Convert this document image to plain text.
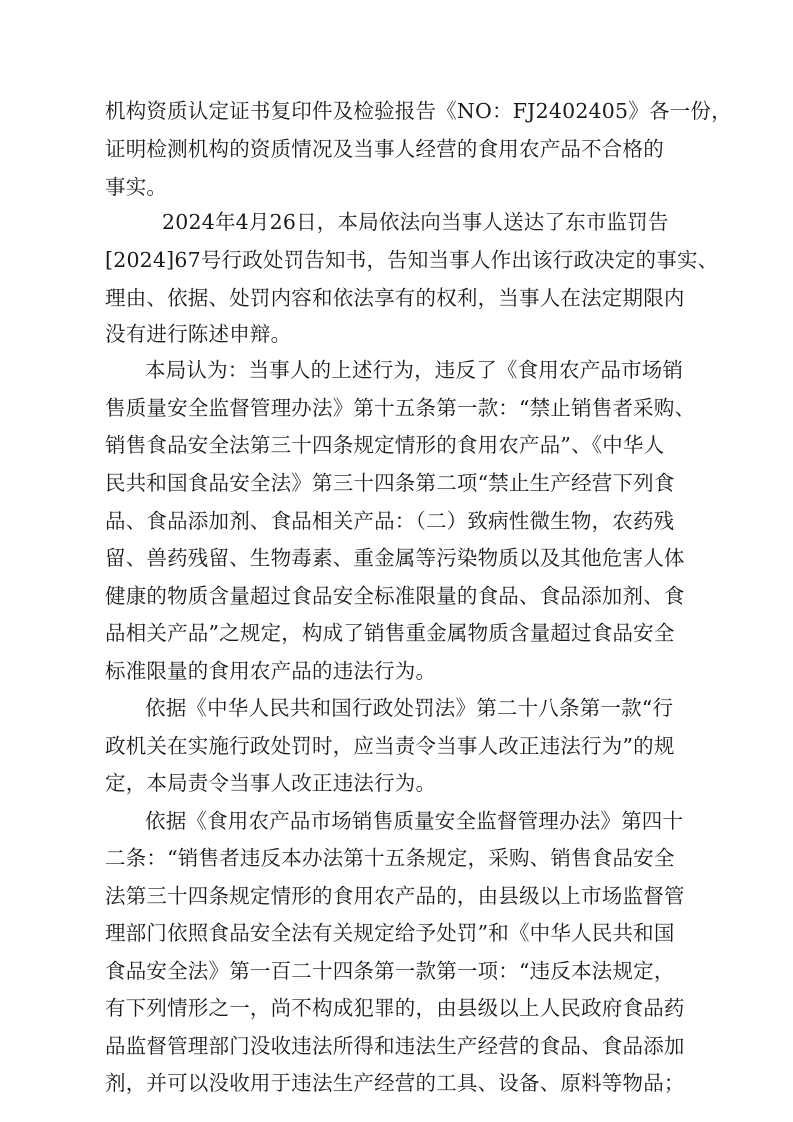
机构资质认定证书复印件及检验报告《NO：FJ2402405》各一份，
证明检测机构的资质情况及当事人经营的食用农产品不合格的
事实。
2024年4月26日，本局依法向当事人送达了东市监罚告
[2024]67号行政处罚告知书，告知当事人作出该行政决定的事实、
理由、依据、处罚内容和依法享有的权利，当事人在法定期限内
没有进行陈述申辩。
本局认为：当事人的上述行为，违反了《食用农产品市场销
售质量安全监督管理办法》第十五条第一款：“禁止销售者采购、
销售食品安全法第三十四条规定情形的食用农产品”、《中华人
民共和国食品安全法》第三十四条第二项“禁止生产经营下列食
品、食品添加剂、食品相关产品：（二）致病性微生物，农药残
留、兽药残留、生物毒素、重金属等污染物质以及其他危害人体
健康的物质含量超过食品安全标准限量的食品、食品添加剂、食
品相关产品”之规定，构成了销售重金属物质含量超过食品安全
标准限量的食用农产品的违法行为。
依据《中华人民共和国行政处罚法》第二十八条第一款“行
政机关在实施行政处罚时，应当责令当事人改正违法行为”的规
定，本局责令当事人改正违法行为。
依据《食用农产品市场销售质量安全监督管理办法》第四十
二条：“销售者违反本办法第十五条规定，采购、销售食品安全
法第三十四条规定情形的食用农产品的，由县级以上市场监督管
理部门依照食品安全法有关规定给予处罚”和《中华人民共和国
食品安全法》第一百二十四条第一款第一项：“违反本法规定，
有下列情形之一，尚不构成犯罪的，由县级以上人民政府食品药
品监督管理部门没收违法所得和违法生产经营的食品、食品添加
剂，并可以没收用于违法生产经营的工具、设备、原料等物品；
